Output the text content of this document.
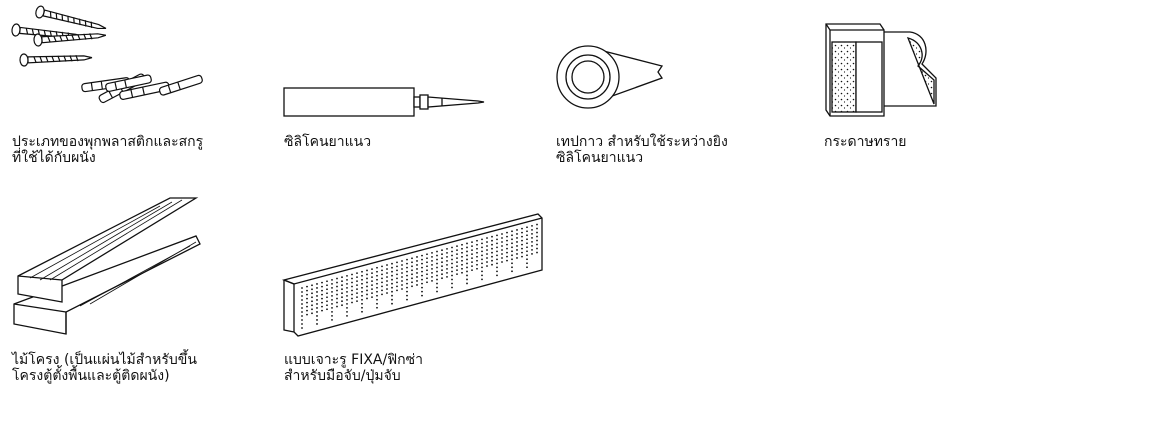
ประเภทของพุกพลาสติกและสกรู
ที่ใช้ได้กับผนัง
ซิลิโคนยาแนว	เทปกาว สำหรับใช้ระหว่างยิง
ซิลิโคนยาแนว
กระดาษทราย
ไม้โครง (เป็นแผ่นไม้สำหรับขึ้น
โครงตู้ตั้งพื้นและตู้ติดผนัง)
แบบเจาะรู FIXA/ฟิกซ่า
สำหรับมือจับ/ปุ่มจับ
